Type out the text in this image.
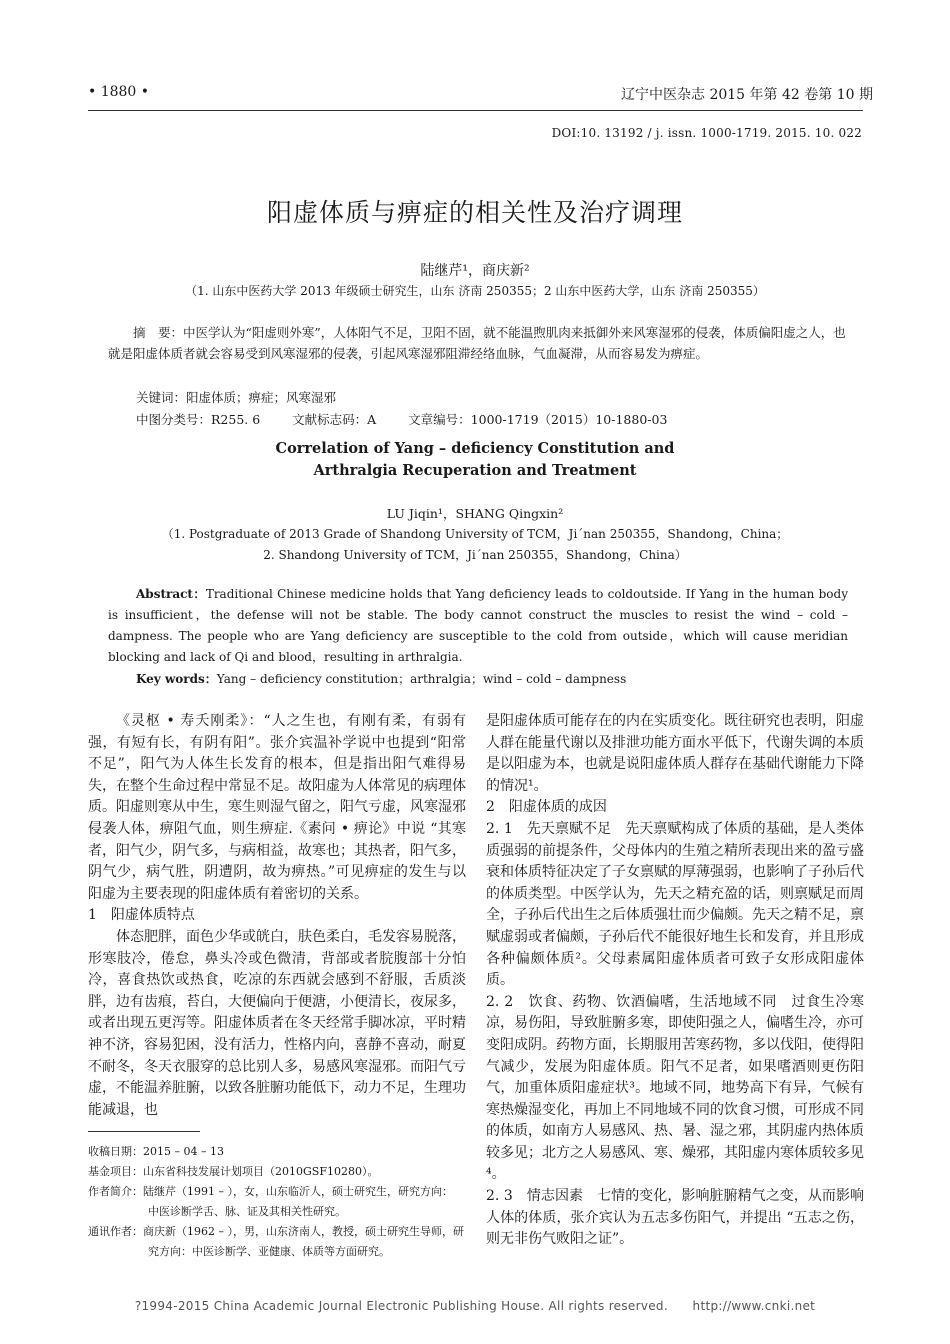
• 1880 •	辽宁中医杂志 2015 年第 42 卷第 10 期
DOI:10. 13192 / j. issn. 1000-1719. 2015. 10. 022
阳虚体质与痹症的相关性及治疗调理
陆继芹¹，商庆新²
（1. 山东中医药大学 2013 年级硕士研究生，山东 济南 250355；2 山东中医药大学，山东 济南 250355）
摘　要：中医学认为“阳虚则外寒”，人体阳气不足，卫阳不固，就不能温煦肌肉来抵御外来风寒湿邪的侵袭，体质偏阳虚之人，也就是阳虚体质者就会容易受到风寒湿邪的侵袭，引起风寒湿邪阻滞经络血脉，气血凝滞，从而容易发为痹症。
关键词：阳虚体质；痹症；风寒湿邪
中图分类号：R255. 6	文献标志码：A	文章编号：1000-1719（2015）10-1880-03
Correlation of Yang – deficiency Constitution and
Arthralgia Recuperation and Treatment
LU Jiqin¹，SHANG Qingxin²
（1. Postgraduate of 2013 Grade of Shandong University of TCM，Ji´nan 250355，Shandong，China；
2. Shandong University of TCM，Ji´nan 250355，Shandong，China）
Abstract：Traditional Chinese medicine holds that Yang deficiency leads to coldoutside. If Yang in the human body is insufficient，the defense will not be stable. The body cannot construct the muscles to resist the wind – cold – dampness. The people who are Yang deficiency are susceptible to the cold from outside，which will cause meridian blocking and lack of Qi and blood，resulting in arthralgia.
Key words：Yang – deficiency constitution；arthralgia；wind – cold – dampness

《灵枢 • 寿夭刚柔》：“人之生也，有刚有柔，有弱有强，有短有长，有阴有阳”。张介宾温补学说中也提到“阳常不足”，阳气为人体生长发育的根本，但是指出阳气难得易失，在整个生命过程中常显不足。故阳虚为人体常见的病理体质。阳虚则寒从中生，寒生则湿气留之，阳气亏虚，风寒湿邪侵袭人体，痹阻气血，则生痹症.《素问 • 痹论》中说 “其寒者，阳气少，阴气多，与病相益，故寒也；其热者，阳气多，阴气少，病气胜，阴遭阴，故为痹热。”可见痹症的发生与以阳虚为主要表现的阳虚体质有着密切的关系。

1　阳虚体质特点

体态肥胖，面色少华或㿠白，肤色柔白，毛发容易脱落，形寒肢冷，倦怠，鼻头冷或色微清，背部或者脘腹部十分怕冷，喜食热饮或热食，吃凉的东西就会感到不舒服，舌质淡胖，边有齿痕，苔白，大便偏向于便溏，小便清长，夜尿多，或者出现五更泻等。阳虚体质者在冬天经常手脚冰凉，平时精神不济，容易犯困，没有活力，性格内向，喜静不喜动，耐夏不耐冬，冬天衣服穿的总比别人多，易感风寒湿邪。而阳气亏虚，不能温养脏腑，以致各脏腑功能低下，动力不足，生理功能减退，也

是阳虚体质可能存在的内在实质变化。既往研究也表明，阳虚人群在能量代谢以及排泄功能方面水平低下，代谢失调的本质是以阳虚为本，也就是说阳虚体质人群存在基础代谢能力下降的情况¹。

2　阳虚体质的成因

2. 1　先天禀赋不足　先天禀赋构成了体质的基础，是人类体质强弱的前提条件，父母体内的生殖之精所表现出来的盈亏盛衰和体质特征决定了子女禀赋的厚薄强弱，也影响了子孙后代的体质类型。中医学认为，先天之精充盈的话，则禀赋足而周全，子孙后代出生之后体质强壮而少偏颇。先天之精不足，禀赋虚弱或者偏颇，子孙后代不能很好地生长和发育，并且形成各种偏颇体质²。父母素属阳虚体质者可致子女形成阳虚体质。

2. 2　饮食、药物、饮酒偏嗜，生活地域不同　过食生冷寒凉，易伤阳，导致脏腑多寒，即使阳强之人，偏嗜生冷，亦可变阳成阴。药物方面，长期服用苦寒药物，多以伐阳，使得阳气减少，发展为阳虚体质。阳气不足者，如果嗜酒则更伤阳气，加重体质阳虚症状³。地域不同，地势高下有异，气候有寒热燥湿变化，再加上不同地域不同的饮食习惯，可形成不同的体质，如南方人易感风、热、暑、湿之邪，其阴虚内热体质较多见；北方之人易感风、寒、燥邪，其阳虚内寒体质较多见⁴。

2. 3　情志因素　七情的变化，影响脏腑精气之变，从而影响人体的体质，张介宾认为五志多伤阳气，并提出 “五志之伤，则无非伤气败阳之证”。

收稿日期：2015 – 04 – 13
基金项目：山东省科技发展计划项目（2010GSF10280）。
作者简介：陆继芹（1991 – ），女，山东临沂人，硕士研究生，研究方向：
中医诊断学舌、脉、证及其相关性研究。
通讯作者：商庆新（1962 – ），男，山东济南人，教授，硕士研究生导师，研
究方向：中医诊断学、亚健康、体质等方面研究。
?1994-2015 China Academic Journal Electronic Publishing House. All rights reserved.　　http://www.cnki.net
